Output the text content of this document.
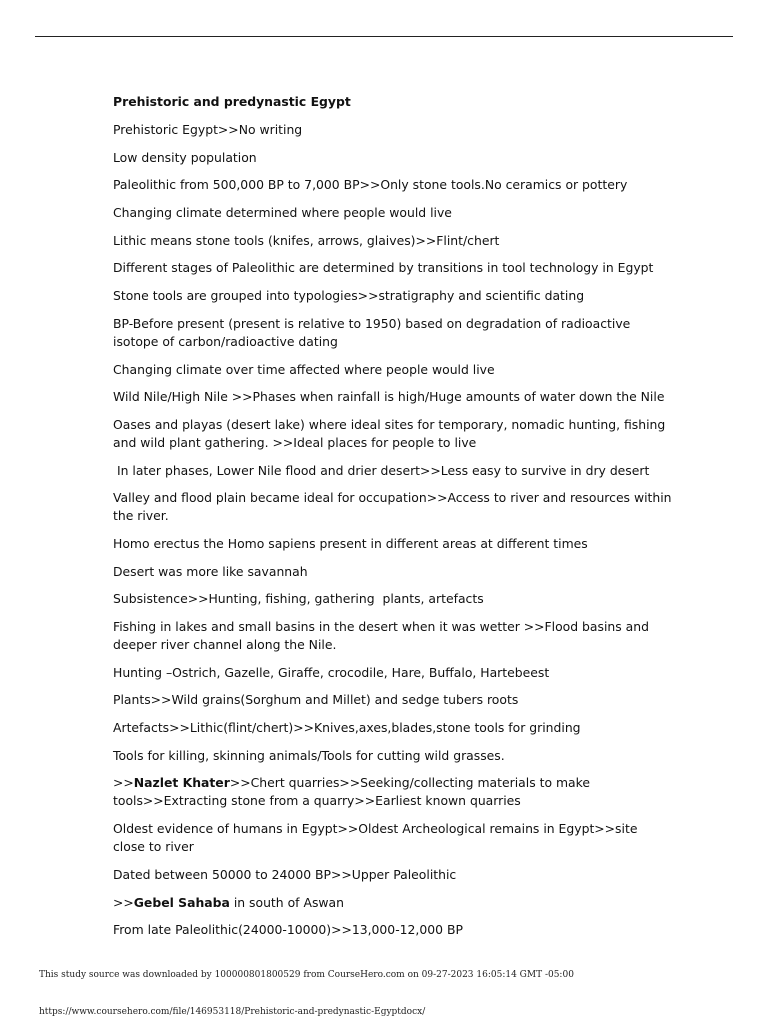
Prehistoric and predynastic Egypt
Prehistoric Egypt>>No writing
Low density population
Paleolithic from 500,000 BP to 7,000 BP>>Only stone tools.No ceramics or pottery
Changing climate determined where people would live
Lithic means stone tools (knifes, arrows, glaives)>>Flint/chert
Different stages of Paleolithic are determined by transitions in tool technology in Egypt
Stone tools are grouped into typologies>>stratigraphy and scientific dating
BP-Before present (present is relative to 1950) based on degradation of radioactive isotope of carbon/radioactive dating
Changing climate over time affected where people would live
Wild Nile/High Nile >>Phases when rainfall is high/Huge amounts of water down the Nile
Oases and playas (desert lake) where ideal sites for temporary, nomadic hunting, fishing and wild plant gathering. >>Ideal places for people to live
In later phases, Lower Nile flood and drier desert>>Less easy to survive in dry desert
Valley and flood plain became ideal for occupation>>Access to river and resources within the river.
Homo erectus the Homo sapiens present in different areas at different times
Desert was more like savannah
Subsistence>>Hunting, fishing, gathering  plants, artefacts
Fishing in lakes and small basins in the desert when it was wetter >>Flood basins and deeper river channel along the Nile.
Hunting –Ostrich, Gazelle, Giraffe, crocodile, Hare, Buffalo, Hartebeest
Plants>>Wild grains(Sorghum and Millet) and sedge tubers roots
Artefacts>>Lithic(flint/chert)>>Knives,axes,blades,stone tools for grinding
Tools for killing, skinning animals/Tools for cutting wild grasses.
>>Nazlet Khater>>Chert quarries>>Seeking/collecting materials to make tools>>Extracting stone from a quarry>>Earliest known quarries
Oldest evidence of humans in Egypt>>Oldest Archeological remains in Egypt>>site close to river
Dated between 50000 to 24000 BP>>Upper Paleolithic
>>Gebel Sahaba in south of Aswan
From late Paleolithic(24000-10000)>>13,000-12,000 BP
This study source was downloaded by 100000801800529 from CourseHero.com on 09-27-2023 16:05:14 GMT -05:00
https://www.coursehero.com/file/146953118/Prehistoric-and-predynastic-Egyptdocx/
